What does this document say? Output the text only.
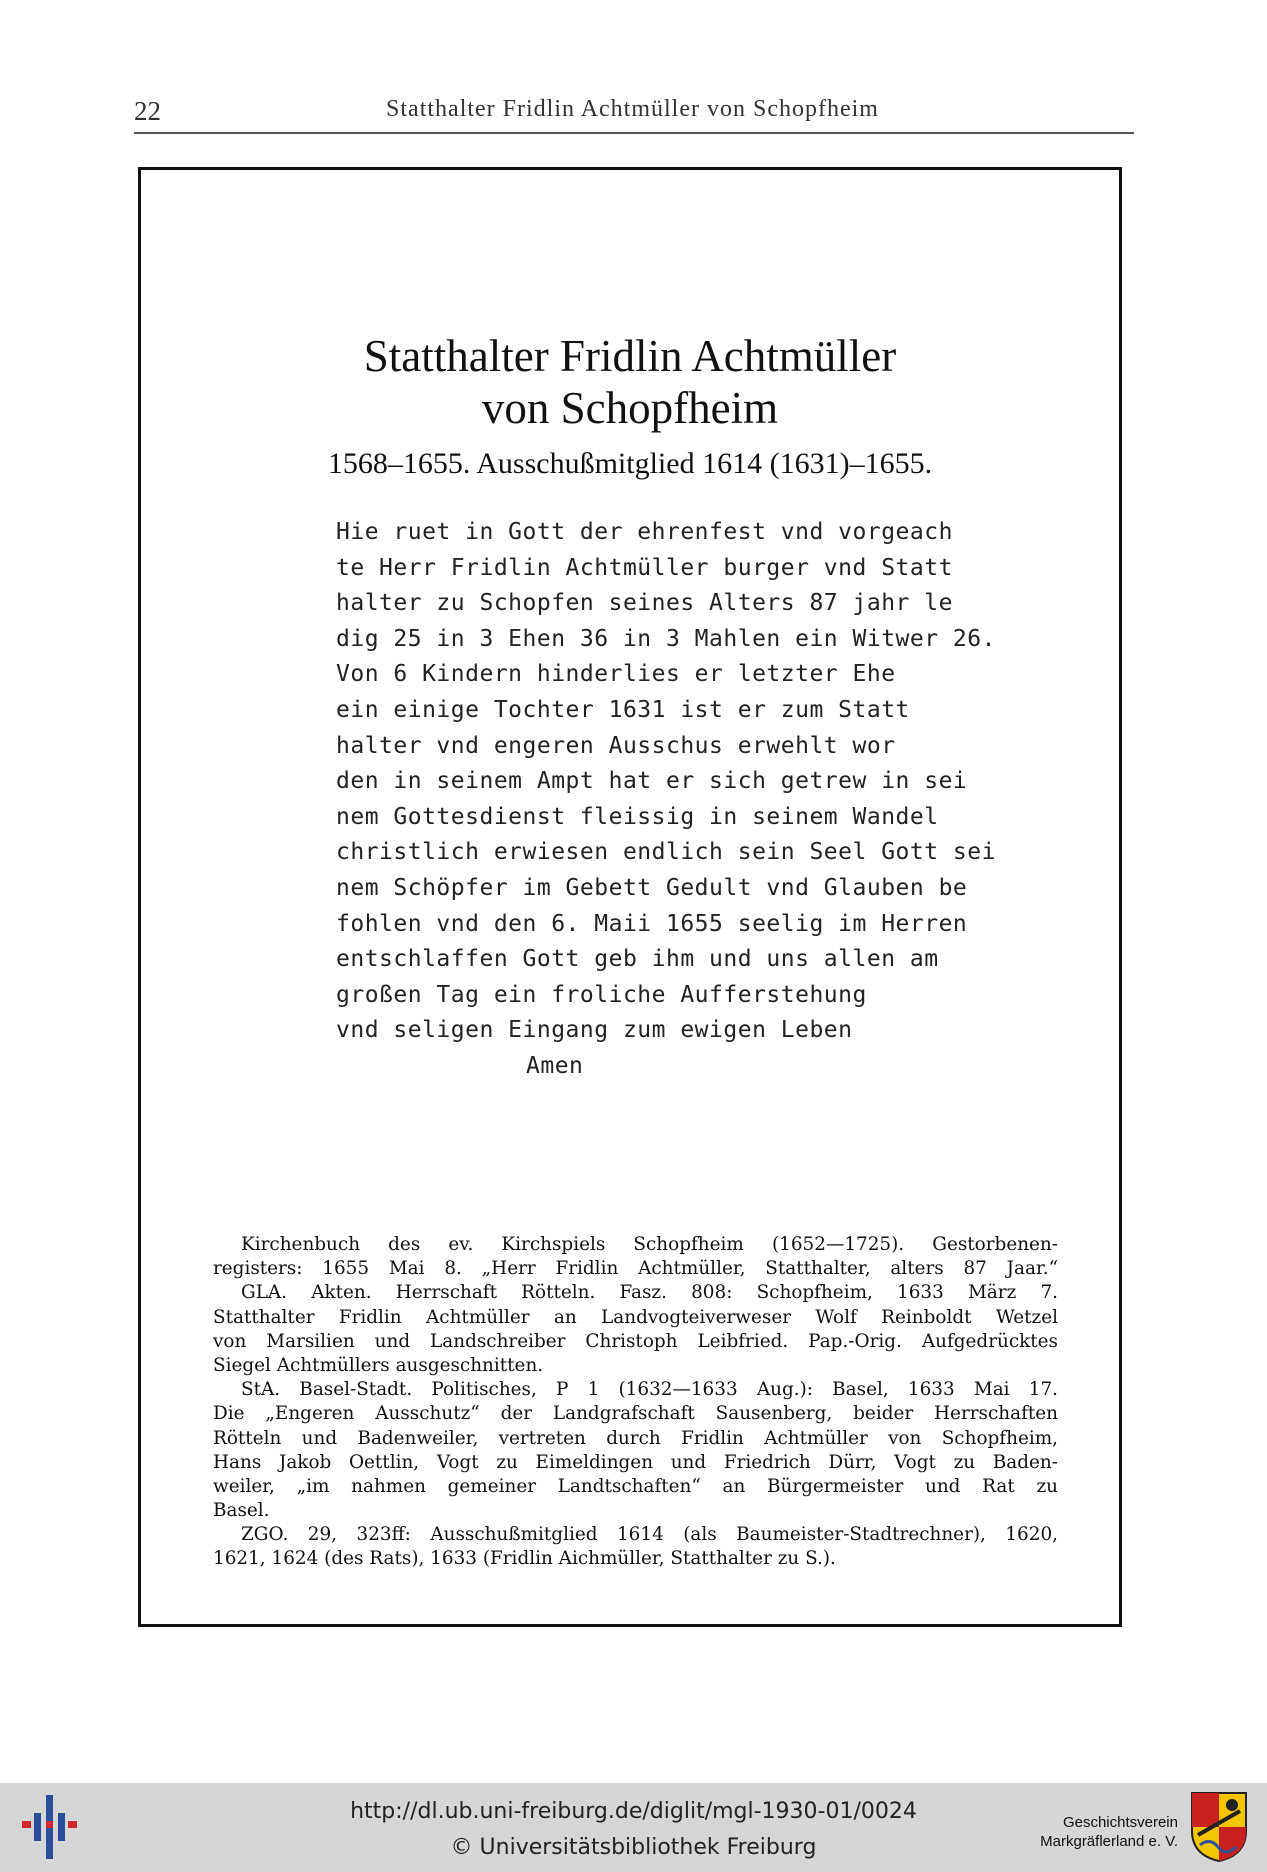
22	Statthalter Fridlin Achtmüller von Schopfheim
Statthalter Fridlin Achtmüller
von Schopfheim
1568–1655. Ausschußmitglied 1614 (1631)–1655.
Hie ruet in Gott der ehrenfest vnd vorgeach
te Herr Fridlin Achtmüller burger vnd Statt
halter zu Schopfen seines Alters 87 jahr le
dig 25 in 3 Ehen 36 in 3 Mahlen ein Witwer 26.
Von 6 Kindern hinderlies er letzter Ehe
ein einige Tochter 1631 ist er zum Statt
halter vnd engeren Ausschus erwehlt wor
den in seinem Ampt hat er sich getrew in sei
nem Gottesdienst fleissig in seinem Wandel
christlich erwiesen endlich sein Seel Gott sei
nem Schöpfer im Gebett Gedult vnd Glauben be
fohlen vnd den 6. Maii 1655 seelig im Herren
entschlaffen Gott geb ihm und uns allen am
großen Tag ein froliche Aufferstehung
vnd seligen Eingang zum ewigen Leben
Amen
Kirchenbuch des ev. Kirchspiels Schopfheim (1652—1725). Gestorbenen-
registers: 1655 Mai 8. „Herr Fridlin Achtmüller, Statthalter, alters 87 Jaar.“
GLA. Akten. Herrschaft Rötteln. Fasz. 808: Schopfheim, 1633 März 7.
Statthalter Fridlin Achtmüller an Landvogteiverweser Wolf Reinboldt Wetzel
von Marsilien und Landschreiber Christoph Leibfried. Pap.-Orig. Aufgedrücktes
Siegel Achtmüllers ausgeschnitten.
StA. Basel-Stadt. Politisches, P 1 (1632—1633 Aug.): Basel, 1633 Mai 17.
Die „Engeren Ausschutz“ der Landgrafschaft Sausenberg, beider Herrschaften
Rötteln und Badenweiler, vertreten durch Fridlin Achtmüller von Schopfheim,
Hans Jakob Oettlin, Vogt zu Eimeldingen und Friedrich Dürr, Vogt zu Baden-
weiler, „im nahmen gemeiner Landtschaften“ an Bürgermeister und Rat zu
Basel.
ZGO. 29, 323ff: Ausschußmitglied 1614 (als Baumeister-Stadtrechner), 1620,
1621, 1624 (des Rats), 1633 (Fridlin Aichmüller, Statthalter zu S.).
http://dl.ub.uni-freiburg.de/diglit/mgl-1930-01/0024
© Universitätsbibliothek Freiburg
Geschichtsverein
Markgräflerland e. V.
